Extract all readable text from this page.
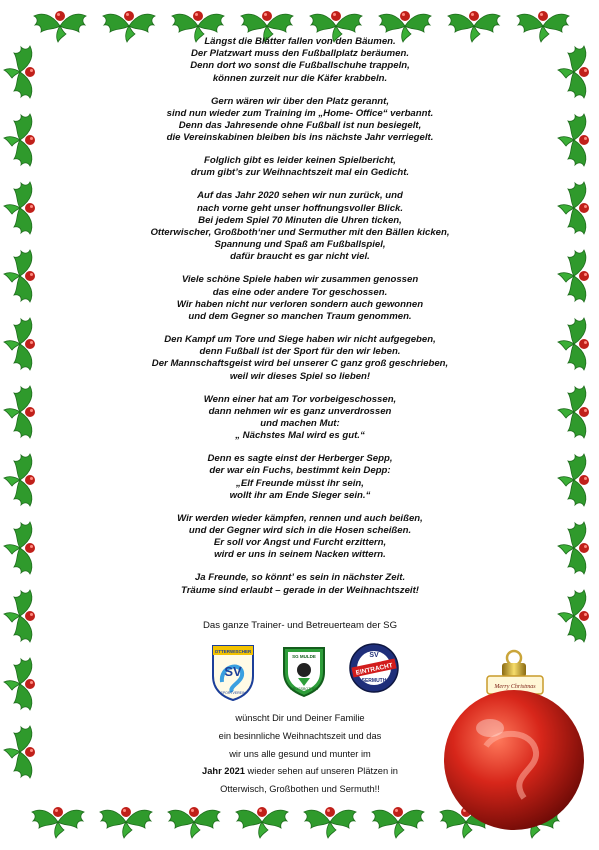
Längst die Blätter fallen von den Bäumen.

Der Platzwart muss den Fußballplatz beräumen.

Denn dort wo sonst die Fußballschuhe trappeln,

können zurzeit nur die Käfer krabbeln.

Gern wären wir über den Platz gerannt,

sind nun wieder zum Training im „Home- Office“ verbannt.

Denn das Jahresende ohne Fußball ist nun besiegelt,

die Vereinskabinen bleiben bis ins nächste Jahr verriegelt.

Folglich gibt es leider keinen Spielbericht,

drum gibt’s zur Weihnachtszeit mal ein Gedicht.

Auf das Jahr 2020 sehen wir nun zurück, und

nach vorne geht unser hoffnungsvoller Blick.

Bei jedem Spiel 70 Minuten die Uhren ticken,

Otterwischer, Großboth‘ner und Sermuther mit den Bällen kicken,

Spannung und Spaß am Fußballspiel,

dafür braucht es gar nicht viel.

Viele schöne Spiele haben wir zusammen genossen

das eine oder andere Tor geschossen.

Wir haben nicht nur verloren sondern auch gewonnen

und dem Gegner so manchen Traum genommen.

Den Kampf um Tore und Siege haben wir nicht aufgegeben,

denn Fußball ist der Sport für den wir leben.

Der Mannschaftsgeist wird bei unserer C ganz groß geschrieben,

weil wir dieses Spiel so lieben!

Wenn einer hat am Tor vorbeigeschossen,

dann nehmen wir es ganz unverdrossen

und machen Mut:

„ Nächstes Mal wird es gut.“

Denn es sagte einst der Herberger Sepp,

der war ein Fuchs, bestimmt kein Depp:

„Elf Freunde müsst ihr sein,

wollt ihr am Ende Sieger sein.“

Wir werden wieder kämpfen, rennen und auch beißen,

und der Gegner wird sich in die Hosen scheißen.

Er soll vor Angst und Furcht erzittern,

wird er uns in seinem Nacken wittern.

Ja Freunde, so könnt’ es sein in nächster Zeit.

Träume sind erlaubt – gerade in der Weihnachtszeit!

Das ganze Trainer- und Betreuerteam der SG
OTTERWISCHER
SV
SPORTVEREIN
SG MULDE
GROSSBOTHEN
SV
EINTRACHT
SERMUTH

wünscht Dir und Deiner Familie

ein besinnliche Weihnachtszeit und das

wir uns alle gesund und munter im

Jahr 2021 wieder sehen auf unseren Plätzen in

Otterwisch, Großbothen und Sermuth!!

Merry Christmas
